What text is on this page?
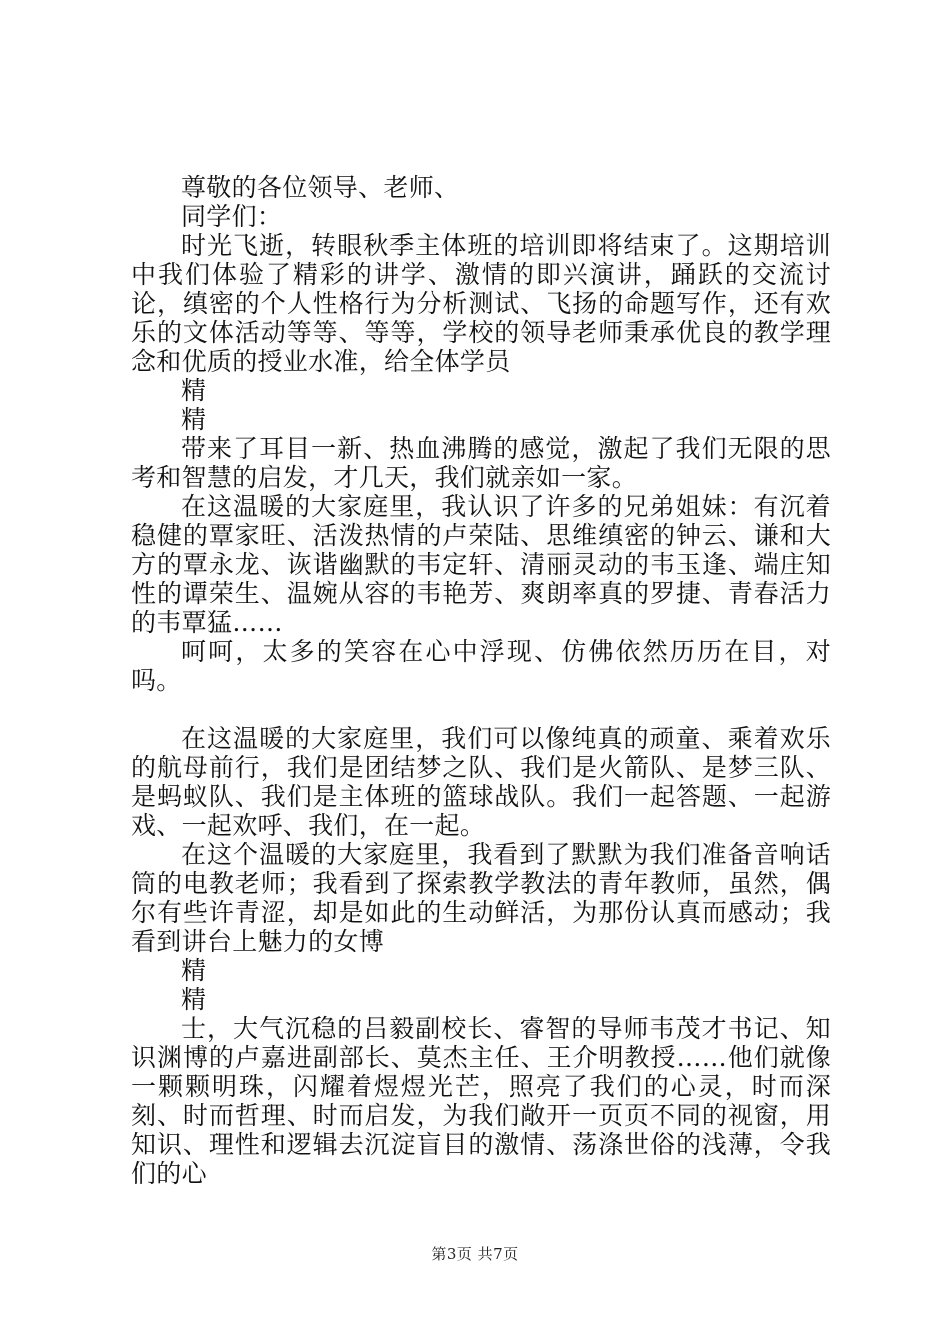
尊敬的各位领导、老师、

同学们：

时光飞逝，转眼秋季主体班的培训即将结束了。这期培训中我们体验了精彩的讲学、激情的即兴演讲，踊跃的交流讨论，缜密的个人性格行为分析测试、飞扬的命题写作，还有欢乐的文体活动等等、等等，学校的领导老师秉承优良的教学理念和优质的授业水准，给全体学员

精

精

带来了耳目一新、热血沸腾的感觉，激起了我们无限的思考和智慧的启发，才几天，我们就亲如一家。

在这温暖的大家庭里，我认识了许多的兄弟姐妹：有沉着稳健的覃家旺、活泼热情的卢荣陆、思维缜密的钟云、谦和大方的覃永龙、诙谐幽默的韦定轩、清丽灵动的韦玉逢、端庄知性的谭荣生、温婉从容的韦艳芳、爽朗率真的罗捷、青春活力的韦覃猛……

呵呵，太多的笑容在心中浮现、仿佛依然历历在目，对吗。

在这温暖的大家庭里，我们可以像纯真的顽童、乘着欢乐的航母前行，我们是团结梦之队、我们是火箭队、是梦三队、是蚂蚁队、我们是主体班的篮球战队。我们一起答题、一起游戏、一起欢呼、我们，在一起。

在这个温暖的大家庭里，我看到了默默为我们准备音响话筒的电教老师；我看到了探索教学教法的青年教师，虽然，偶尔有些许青涩，却是如此的生动鲜活，为那份认真而感动；我看到讲台上魅力的女博

精

精

士，大气沉稳的吕毅副校长、睿智的导师韦茂才书记、知识渊博的卢嘉进副部长、莫杰主任、王介明教授……他们就像一颗颗明珠，闪耀着煜煜光芒，照亮了我们的心灵，时而深刻、时而哲理、时而启发，为我们敞开一页页不同的视窗，用知识、理性和逻辑去沉淀盲目的激情、荡涤世俗的浅薄，令我们的心

第3页 共7页
